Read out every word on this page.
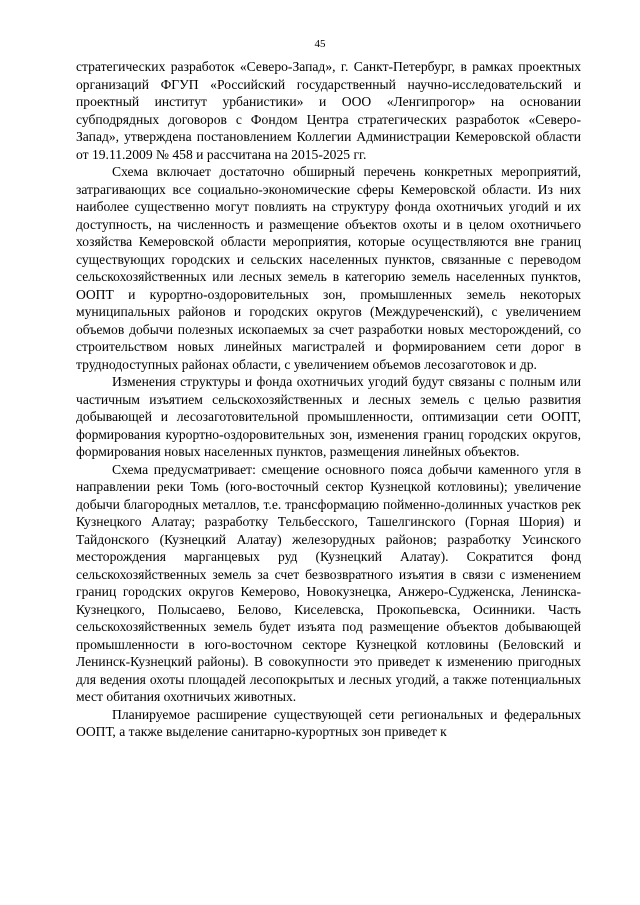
45

стратегических разработок «Северо-Запад», г. Санкт-Петербург, в рамках проектных организаций ФГУП «Российский государственный научно-исследовательский и проектный институт урбанистики» и ООО «Ленгипрогор» на основании субподрядных договоров с Фондом Центра стратегических разработок «Северо-Запад», утверждена постановлением Коллегии Администрации Кемеровской области от 19.11.2009 № 458 и рассчитана на 2015-2025 гг.

Схема включает достаточно обширный перечень конкретных мероприятий, затрагивающих все социально-экономические сферы Кемеровской области. Из них наиболее существенно могут повлиять на структуру фонда охотничьих угодий и их доступность, на численность и размещение объектов охоты и в целом охотничьего хозяйства Кемеровской области мероприятия, которые осуществляются вне границ существующих городских и сельских населенных пунктов, связанные с переводом сельскохозяйственных или лесных земель в категорию земель населенных пунктов, ООПТ и курортно-оздоровительных зон, промышленных земель некоторых муниципальных районов и городских округов (Междуреченский), с увеличением объемов добычи полезных ископаемых за счет разработки новых месторождений, со строительством новых линейных магистралей и формированием сети дорог в труднодоступных районах области, с увеличением объемов лесозаготовок и др.

Изменения структуры и фонда охотничьих угодий будут связаны с полным или частичным изъятием сельскохозяйственных и лесных земель с целью развития добывающей и лесозаготовительной промышленности, оптимизации сети ООПТ, формирования курортно-оздоровительных зон, изменения границ городских округов, формирования новых населенных пунктов, размещения линейных объектов.

Схема предусматривает: смещение основного пояса добычи каменного угля в направлении реки Томь (юго-восточный сектор Кузнецкой котловины); увеличение добычи благородных металлов, т.е. трансформацию пойменно-долинных участков рек Кузнецкого Алатау; разработку Тельбесского, Ташелгинского (Горная Шория) и Тайдонского (Кузнецкий Алатау) железорудных районов; разработку Усинского месторождения марганцевых руд (Кузнецкий Алатау). Сократится фонд сельскохозяйственных земель за счет безвозвратного изъятия в связи с изменением границ городских округов Кемерово, Новокузнецка, Анжеро-Судженска, Ленинска-Кузнецкого, Полысаево, Белово, Киселевска, Прокопьевска, Осинники. Часть сельскохозяйственных земель будет изъята под размещение объектов добывающей промышленности в юго-восточном секторе Кузнецкой котловины (Беловский и Ленинск-Кузнецкий районы). В совокупности это приведет к изменению пригодных для ведения охоты площадей лесопокрытых и лесных угодий, а также потенциальных мест обитания охотничьих животных.

Планируемое расширение существующей сети региональных и федеральных ООПТ, а также выделение санитарно-курортных зон приведет к
